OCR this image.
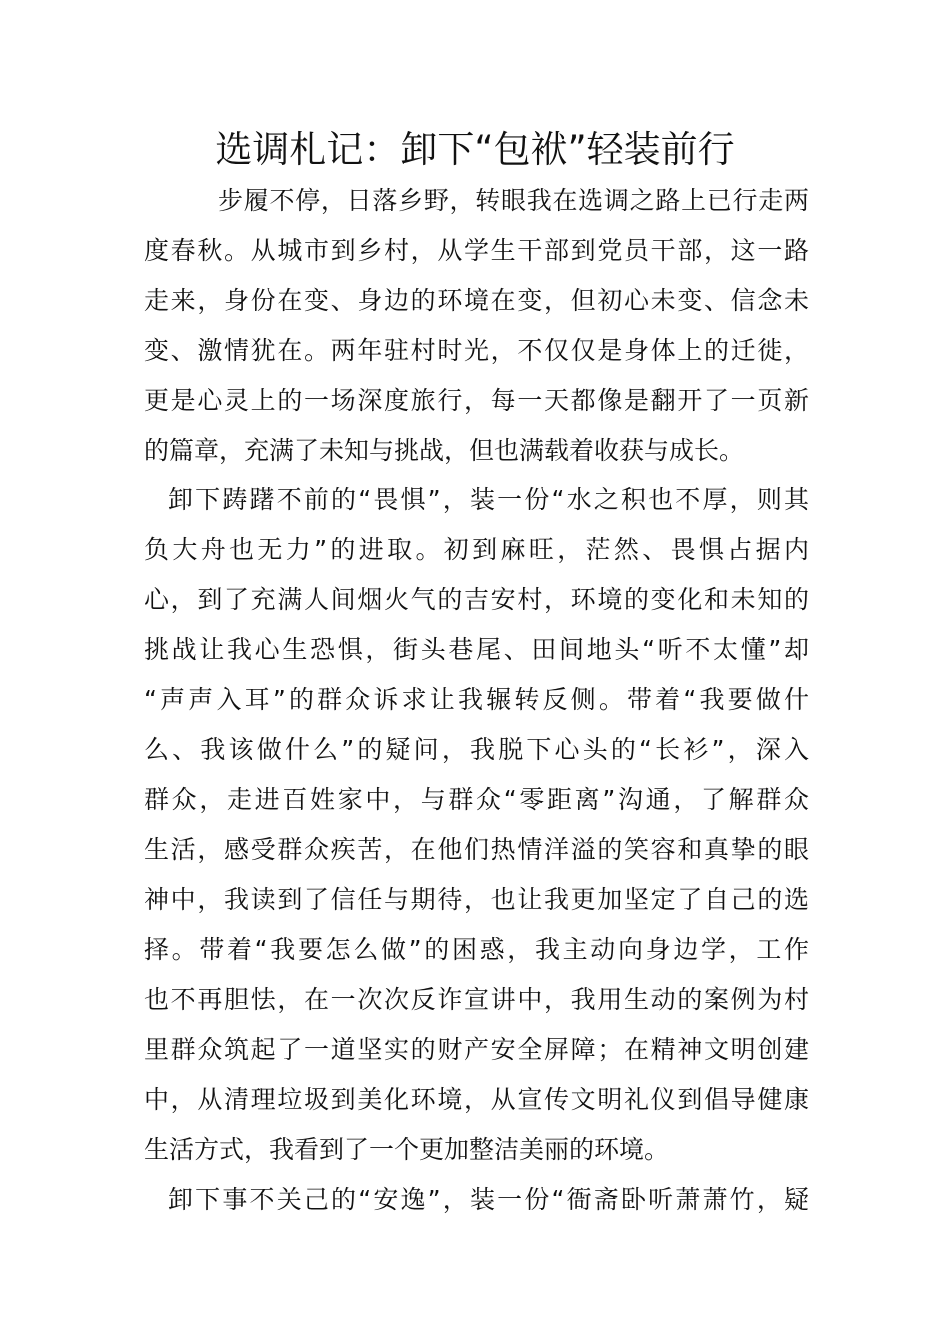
选调札记：卸下“包袱”轻装前行

步履不停，日落乡野，转眼我在选调之路上已行走两

度春秋。从城市到乡村，从学生干部到党员干部，这一路

走来，身份在变、身边的环境在变，但初心未变、信念未

变、激情犹在。两年驻村时光，不仅仅是身体上的迁徙，

更是心灵上的一场深度旅行，每一天都像是翻开了一页新

的篇章，充满了未知与挑战，但也满载着收获与成长。

卸下踌躇不前的“畏惧”，装一份“水之积也不厚，则其

负大舟也无力”的进取。初到麻旺，茫然、畏惧占据内

心，到了充满人间烟火气的吉安村，环境的变化和未知的

挑战让我心生恐惧，街头巷尾、田间地头“听不太懂”却

“声声入耳”的群众诉求让我辗转反侧。带着“我要做什

么、我该做什么”的疑问，我脱下心头的“长衫”，深入

群众，走进百姓家中，与群众“零距离”沟通，了解群众

生活，感受群众疾苦，在他们热情洋溢的笑容和真挚的眼

神中，我读到了信任与期待，也让我更加坚定了自己的选

择。带着“我要怎么做”的困惑，我主动向身边学，工作

也不再胆怯，在一次次反诈宣讲中，我用生动的案例为村

里群众筑起了一道坚实的财产安全屏障；在精神文明创建

中，从清理垃圾到美化环境，从宣传文明礼仪到倡导健康

生活方式，我看到了一个更加整洁美丽的环境。

卸下事不关己的“安逸”，装一份“衙斋卧听萧萧竹，疑
